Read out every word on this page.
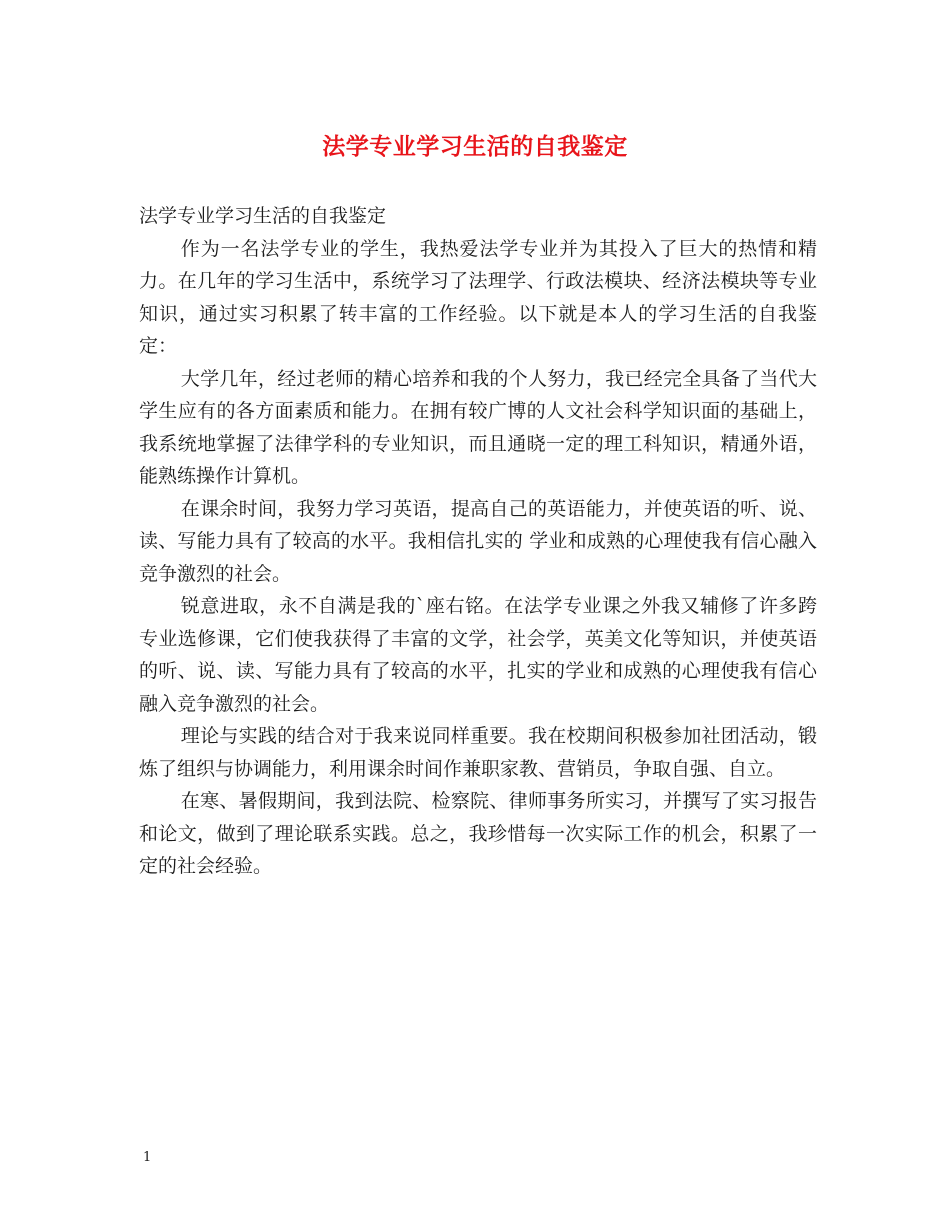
法学专业学习生活的自我鉴定

法学专业学习生活的自我鉴定

作为一名法学专业的学生，我热爱法学专业并为其投入了巨大的热情和精力。在几年的学习生活中，系统学习了法理学、行政法模块、经济法模块等专业知识，通过实习积累了转丰富的工作经验。以下就是本人的学习生活的自我鉴定：

大学几年，经过老师的精心培养和我的个人努力，我已经完全具备了当代大学生应有的各方面素质和能力。在拥有较广博的人文社会科学知识面的基础上，我系统地掌握了法律学科的专业知识，而且通晓一定的理工科知识，精通外语，能熟练操作计算机。

在课余时间，我努力学习英语，提高自己的英语能力，并使英语的听、说、读、写能力具有了较高的水平。我相信扎实的 学业和成熟的心理使我有信心融入竞争激烈的社会。

锐意进取，永不自满是我的`座右铭。在法学专业课之外我又辅修了许多跨专业选修课，它们使我获得了丰富的文学，社会学，英美文化等知识，并使英语的听、说、读、写能力具有了较高的水平，扎实的学业和成熟的心理使我有信心融入竞争激烈的社会。

理论与实践的结合对于我来说同样重要。我在校期间积极参加社团活动，锻炼了组织与协调能力，利用课余时间作兼职家教、营销员，争取自强、自立。

在寒、暑假期间，我到法院、检察院、律师事务所实习，并撰写了实习报告和论文，做到了理论联系实践。总之，我珍惜每一次实际工作的机会，积累了一定的社会经验。

1
